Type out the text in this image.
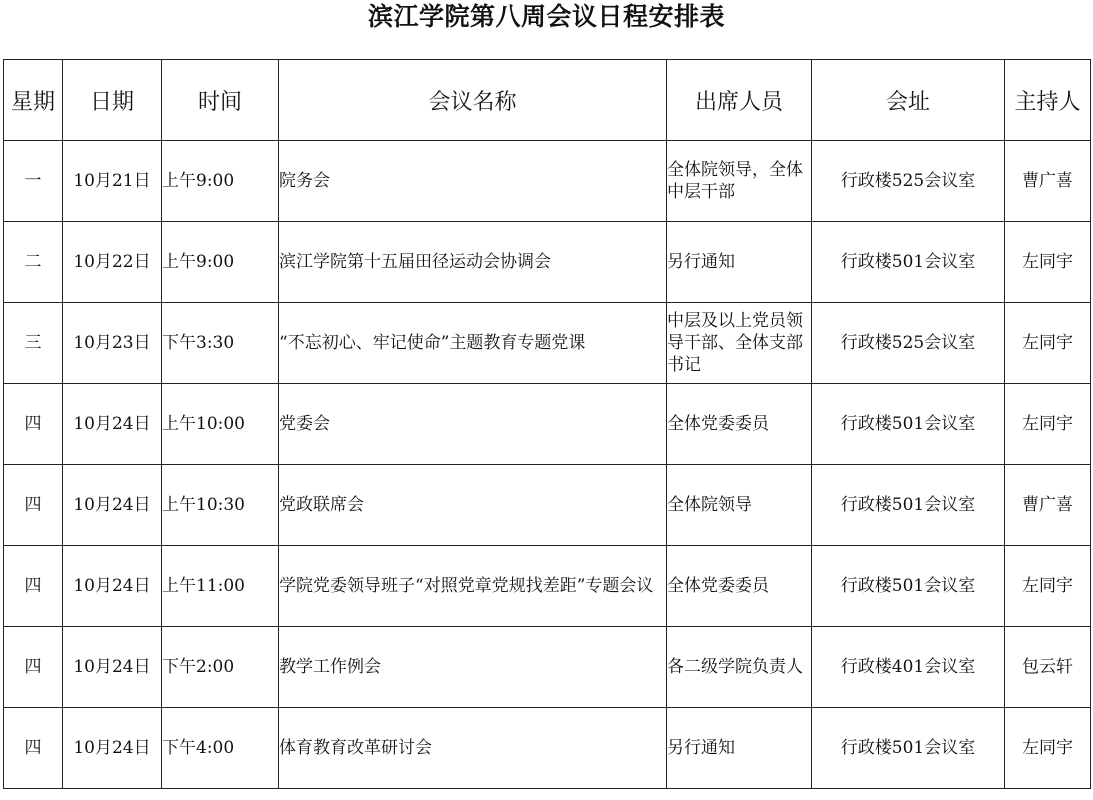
滨江学院第八周会议日程安排表
星期	日期	时间	会议名称	出席人员	会址	主持人
一	10月21日	上午9:00	院务会	全体院领导，全体中层干部	行政楼525会议室	曹广喜
二	10月22日	上午9:00	滨江学院第十五届田径运动会协调会	另行通知	行政楼501会议室	左同宇
三	10月23日	下午3:30	“不忘初心、牢记使命”主题教育专题党课	中层及以上党员领导干部、全体支部书记	行政楼525会议室	左同宇
四	10月24日	上午10:00	党委会	全体党委委员	行政楼501会议室	左同宇
四	10月24日	上午10:30	党政联席会	全体院领导	行政楼501会议室	曹广喜
四	10月24日	上午11:00	学院党委领导班子“对照党章党规找差距”专题会议	全体党委委员	行政楼501会议室	左同宇
四	10月24日	下午2:00	教学工作例会	各二级学院负责人	行政楼401会议室	包云轩
四	10月24日	下午4:00	体育教育改革研讨会	另行通知	行政楼501会议室	左同宇
